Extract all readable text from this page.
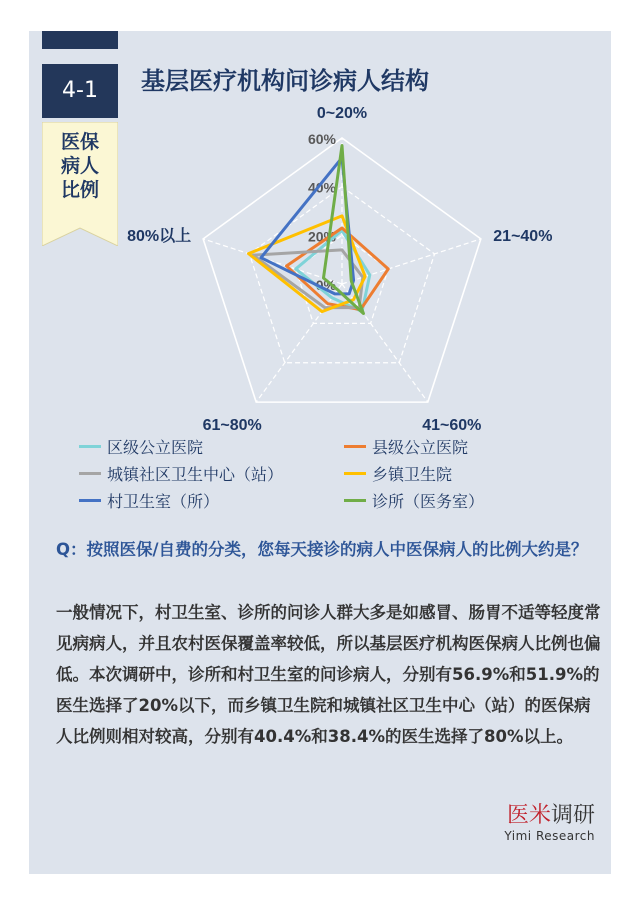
4-1
医保
病人
比例
基层医疗机构问诊病人结构
0%
20%
40%
60%
0~20%
21~40%
41~60%
61~80%
80%以上
区级公立医院	县级公立医院
城镇社区卫生中心（站）	乡镇卫生院
村卫生室（所）	诊所（医务室）
Q：按照医保/自费的分类，您每天接诊的病人中医保病人的比例大约是？
一般情况下，村卫生室、诊所的问诊人群大多是如感冒、肠胃不适等轻度常见病病人，并且农村医保覆盖率较低，所以基层医疗机构医保病人比例也偏低。本次调研中，诊所和村卫生室的问诊病人，分别有56.9%和51.9%的医生选择了20%以下，而乡镇卫生院和城镇社区卫生中心（站）的医保病人比例则相对较高，分别有40.4%和38.4%的医生选择了80%以上。
医米调研
Yimi Research
